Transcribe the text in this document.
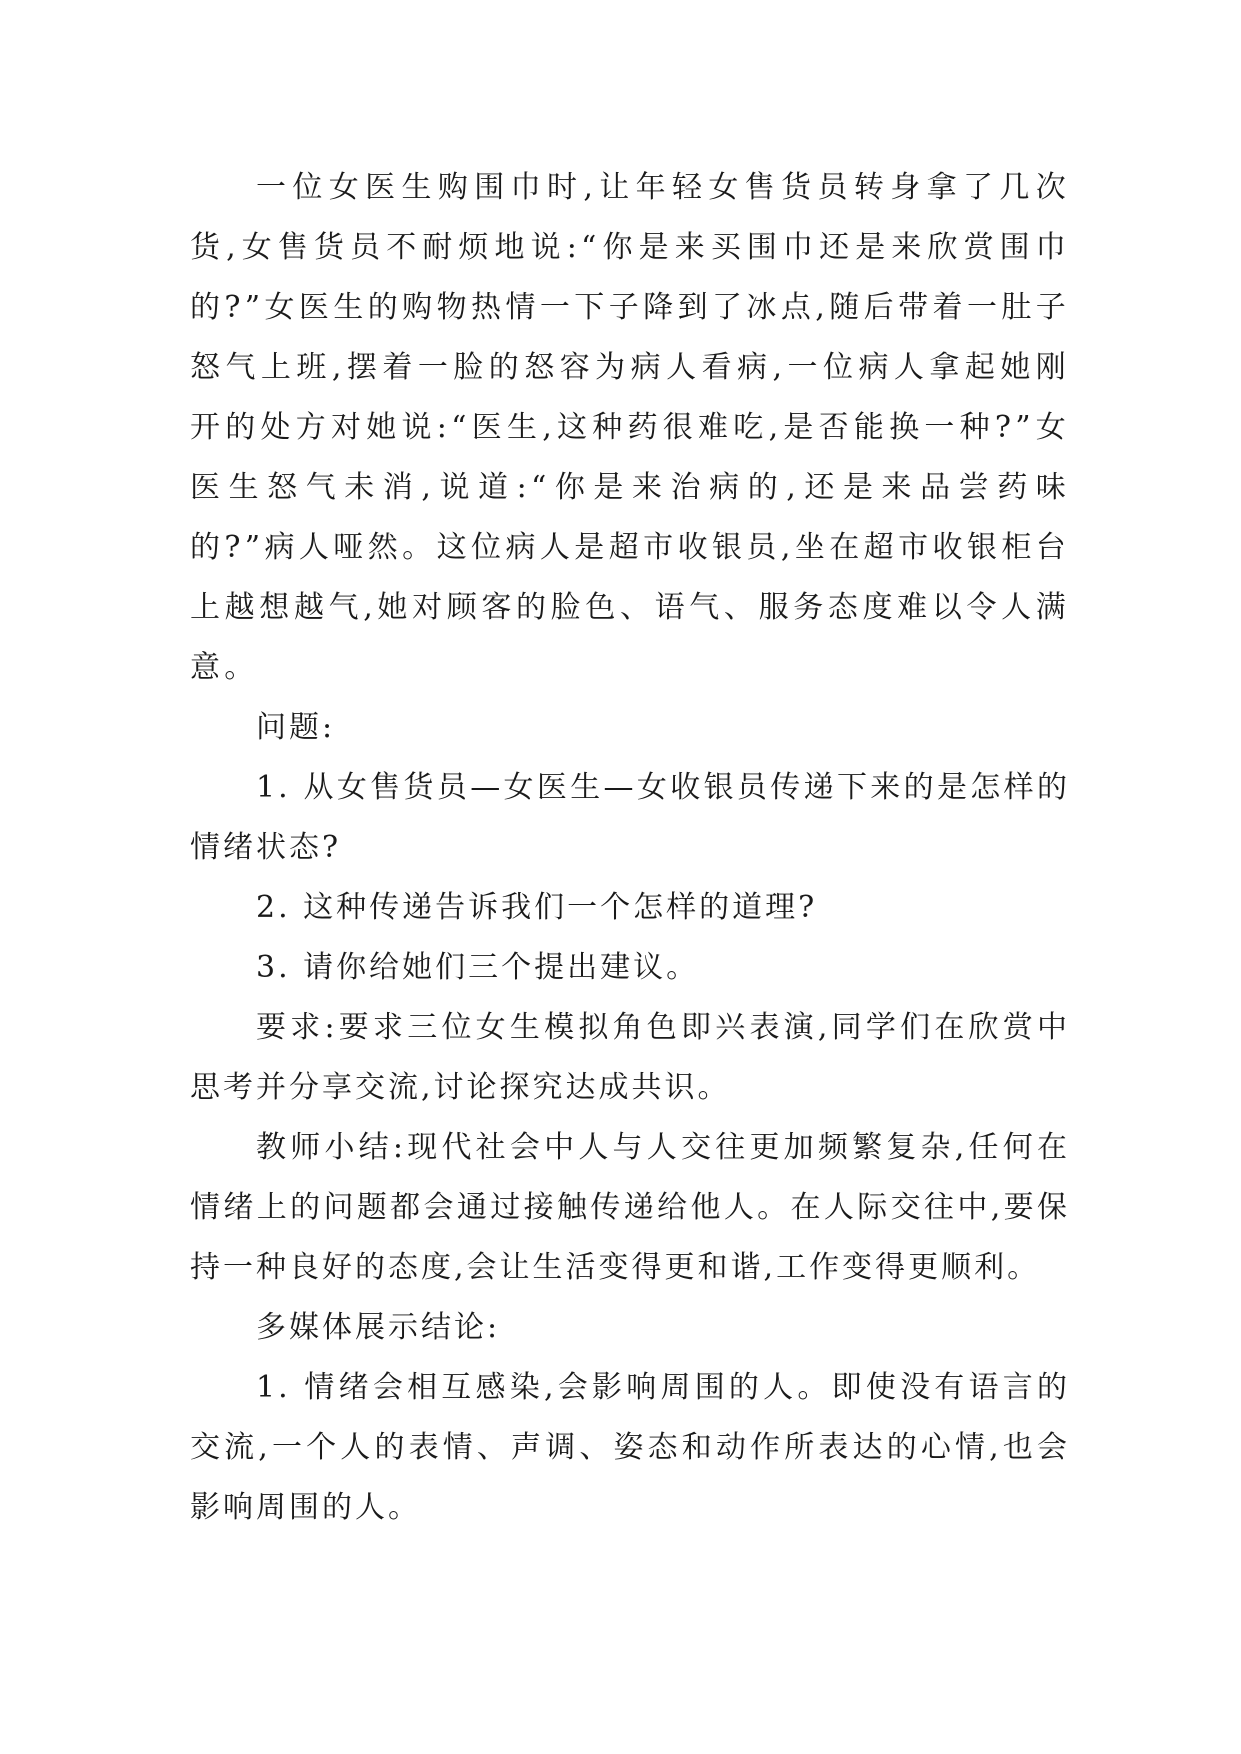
一位女医生购围巾时,让年轻女售货员转身拿了几次货,女售货员不耐烦地说:“你是来买围巾还是来欣赏围巾的?”女医生的购物热情一下子降到了冰点,随后带着一肚子怒气上班,摆着一脸的怒容为病人看病,一位病人拿起她刚开的处方对她说:“医生,这种药很难吃,是否能换一种?”女医生怒气未消,说道:“你是来治病的,还是来品尝药味的?”病人哑然。这位病人是超市收银员,坐在超市收银柜台上越想越气,她对顾客的脸色、语气、服务态度难以令人满意。

问题:

1. 从女售货员—女医生—女收银员传递下来的是怎样的情绪状态?

2. 这种传递告诉我们一个怎样的道理?

3. 请你给她们三个提出建议。

要求:要求三位女生模拟角色即兴表演,同学们在欣赏中思考并分享交流,讨论探究达成共识。

教师小结:现代社会中人与人交往更加频繁复杂,任何在情绪上的问题都会通过接触传递给他人。在人际交往中,要保持一种良好的态度,会让生活变得更和谐,工作变得更顺利。

多媒体展示结论:

1. 情绪会相互感染,会影响周围的人。即使没有语言的交流,一个人的表情、声调、姿态和动作所表达的心情,也会影响周围的人。
